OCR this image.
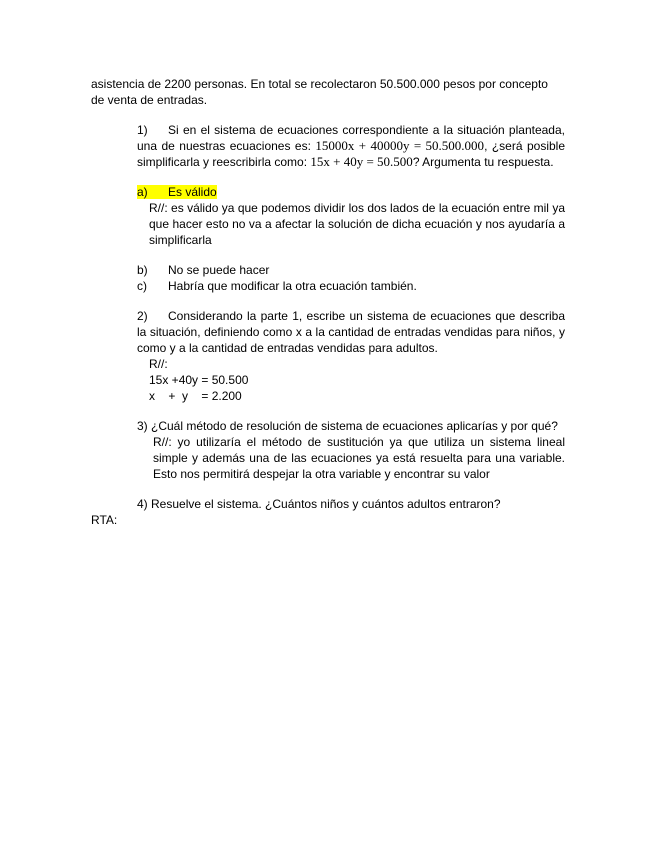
asistencia de 2200 personas. En total se recolectaron 50.500.000 pesos por concepto

de venta de entradas.

1) Si en el sistema de ecuaciones correspondiente a la situación planteada, una de nuestras ecuaciones es: 15000x + 40000y = 50.500.000, ¿será posible simplificarla y reescribirla como: 15x + 40y = 50.500? Argumenta tu respuesta.

a) Es válido

R//: es válido ya que podemos dividir los dos lados de la ecuación entre mil ya que hacer esto no va a afectar la solución de dicha ecuación y nos ayudaría a simplificarla

b) No se puede hacer

c) Habría que modificar la otra ecuación también.

2) Considerando la parte 1, escribe un sistema de ecuaciones que describa la situación, definiendo como x a la cantidad de entradas vendidas para niños, y como y a la cantidad de entradas vendidas para adultos.

R//:

15x +40y = 50.500

x    +  y    = 2.200

3) ¿Cuál método de resolución de sistema de ecuaciones aplicarías y por qué?

R//: yo utilizaría el método de sustitución ya que utiliza un sistema lineal simple y además una de las ecuaciones ya está resuelta para una variable. Esto nos permitirá despejar la otra variable y encontrar su valor

4) Resuelve el sistema. ¿Cuántos niños y cuántos adultos entraron?

RTA:
